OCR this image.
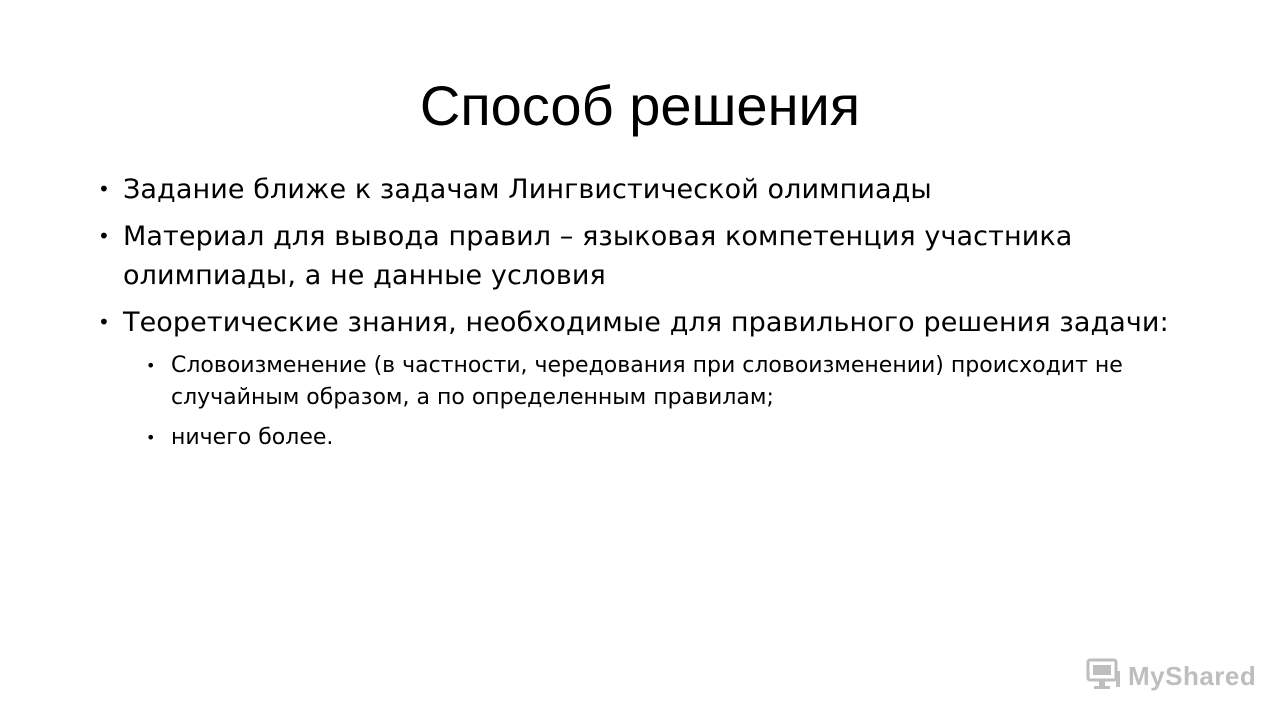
Способ решения
• Задание ближе к задачам Лингвистической олимпиады
• Материал для вывода правил – языковая компетенция участника олимпиады, а не данные условия
• Теоретические знания, необходимые для правильного решения задачи:
• Словоизменение (в частности, чередования при словоизменении) происходит не случайным образом, а по определенным правилам;
• ничего более.
MyShared
